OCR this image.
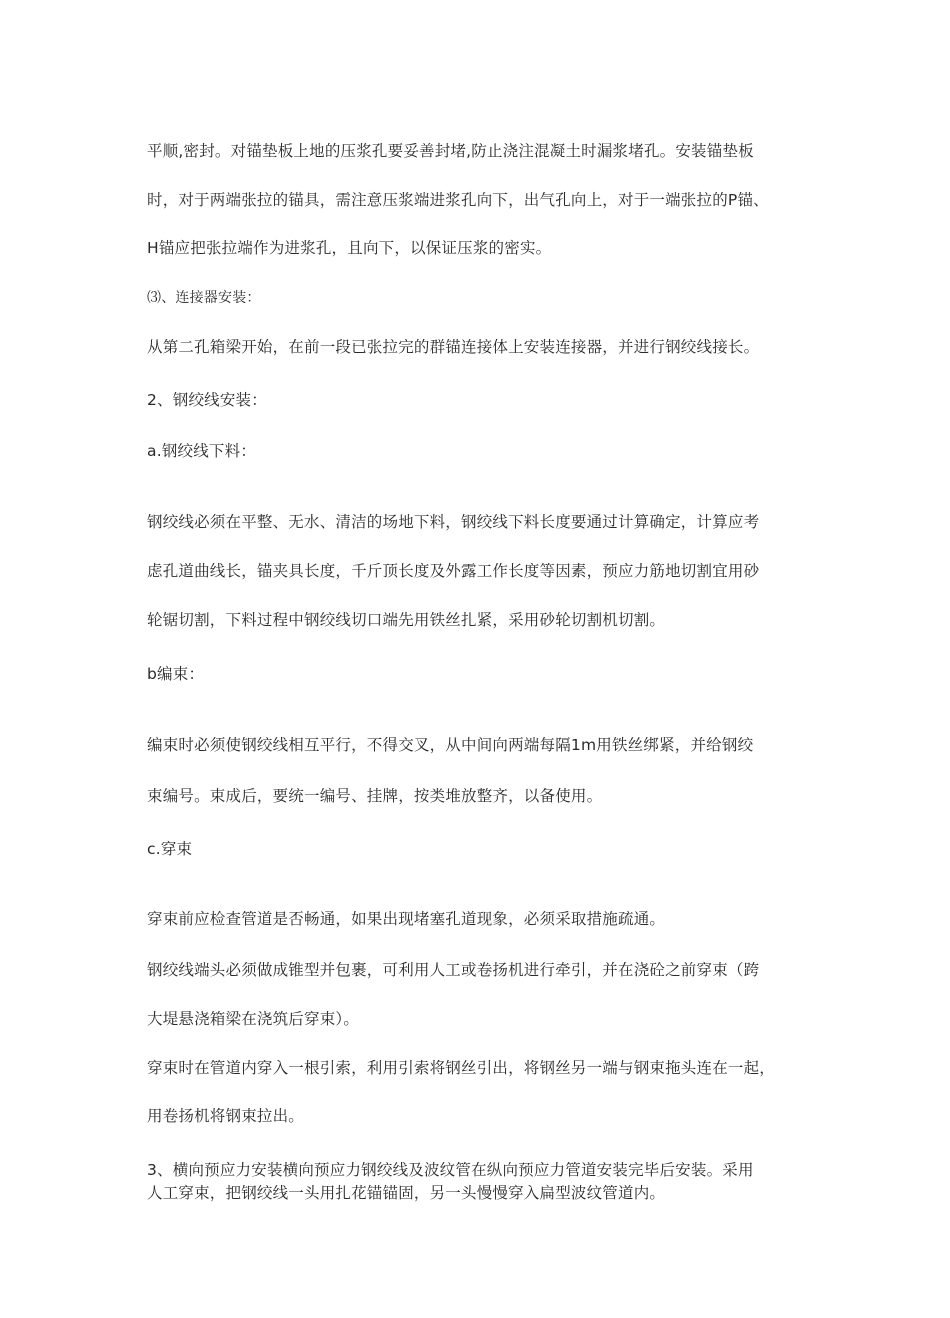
平顺,密封。对锚垫板上地的压浆孔要妥善封堵,防止浇注混凝土时漏浆堵孔。安装锚垫板

时，对于两端张拉的锚具，需注意压浆端进浆孔向下，出气孔向上，对于一端张拉的P锚、

H锚应把张拉端作为进浆孔，且向下，以保证压浆的密实。

⑶、连接器安装：

从第二孔箱梁开始，在前一段已张拉完的群锚连接体上安装连接器，并进行钢绞线接长。

2、钢绞线安装：

a.钢绞线下料：

钢绞线必须在平整、无水、清洁的场地下料，钢绞线下料长度要通过计算确定，计算应考

虑孔道曲线长，锚夹具长度，千斤顶长度及外露工作长度等因素，预应力筋地切割宜用砂

轮锯切割，下料过程中钢绞线切口端先用铁丝扎紧，采用砂轮切割机切割。

b编束：

编束时必须使钢绞线相互平行，不得交叉，从中间向两端每隔1m用铁丝绑紧，并给钢绞

束编号。束成后，要统一编号、挂牌，按类堆放整齐，以备使用。

c.穿束

穿束前应检查管道是否畅通，如果出现堵塞孔道现象，必须采取措施疏通。

钢绞线端头必须做成锥型并包裹，可利用人工或卷扬机进行牵引，并在浇砼之前穿束（跨

大堤悬浇箱梁在浇筑后穿束）。

穿束时在管道内穿入一根引索，利用引索将钢丝引出，将钢丝另一端与钢束拖头连在一起，

用卷扬机将钢束拉出。

3、横向预应力安装横向预应力钢绞线及波纹管在纵向预应力管道安装完毕后安装。采用

人工穿束，把钢绞线一头用扎花锚锚固，另一头慢慢穿入扁型波纹管道内。
